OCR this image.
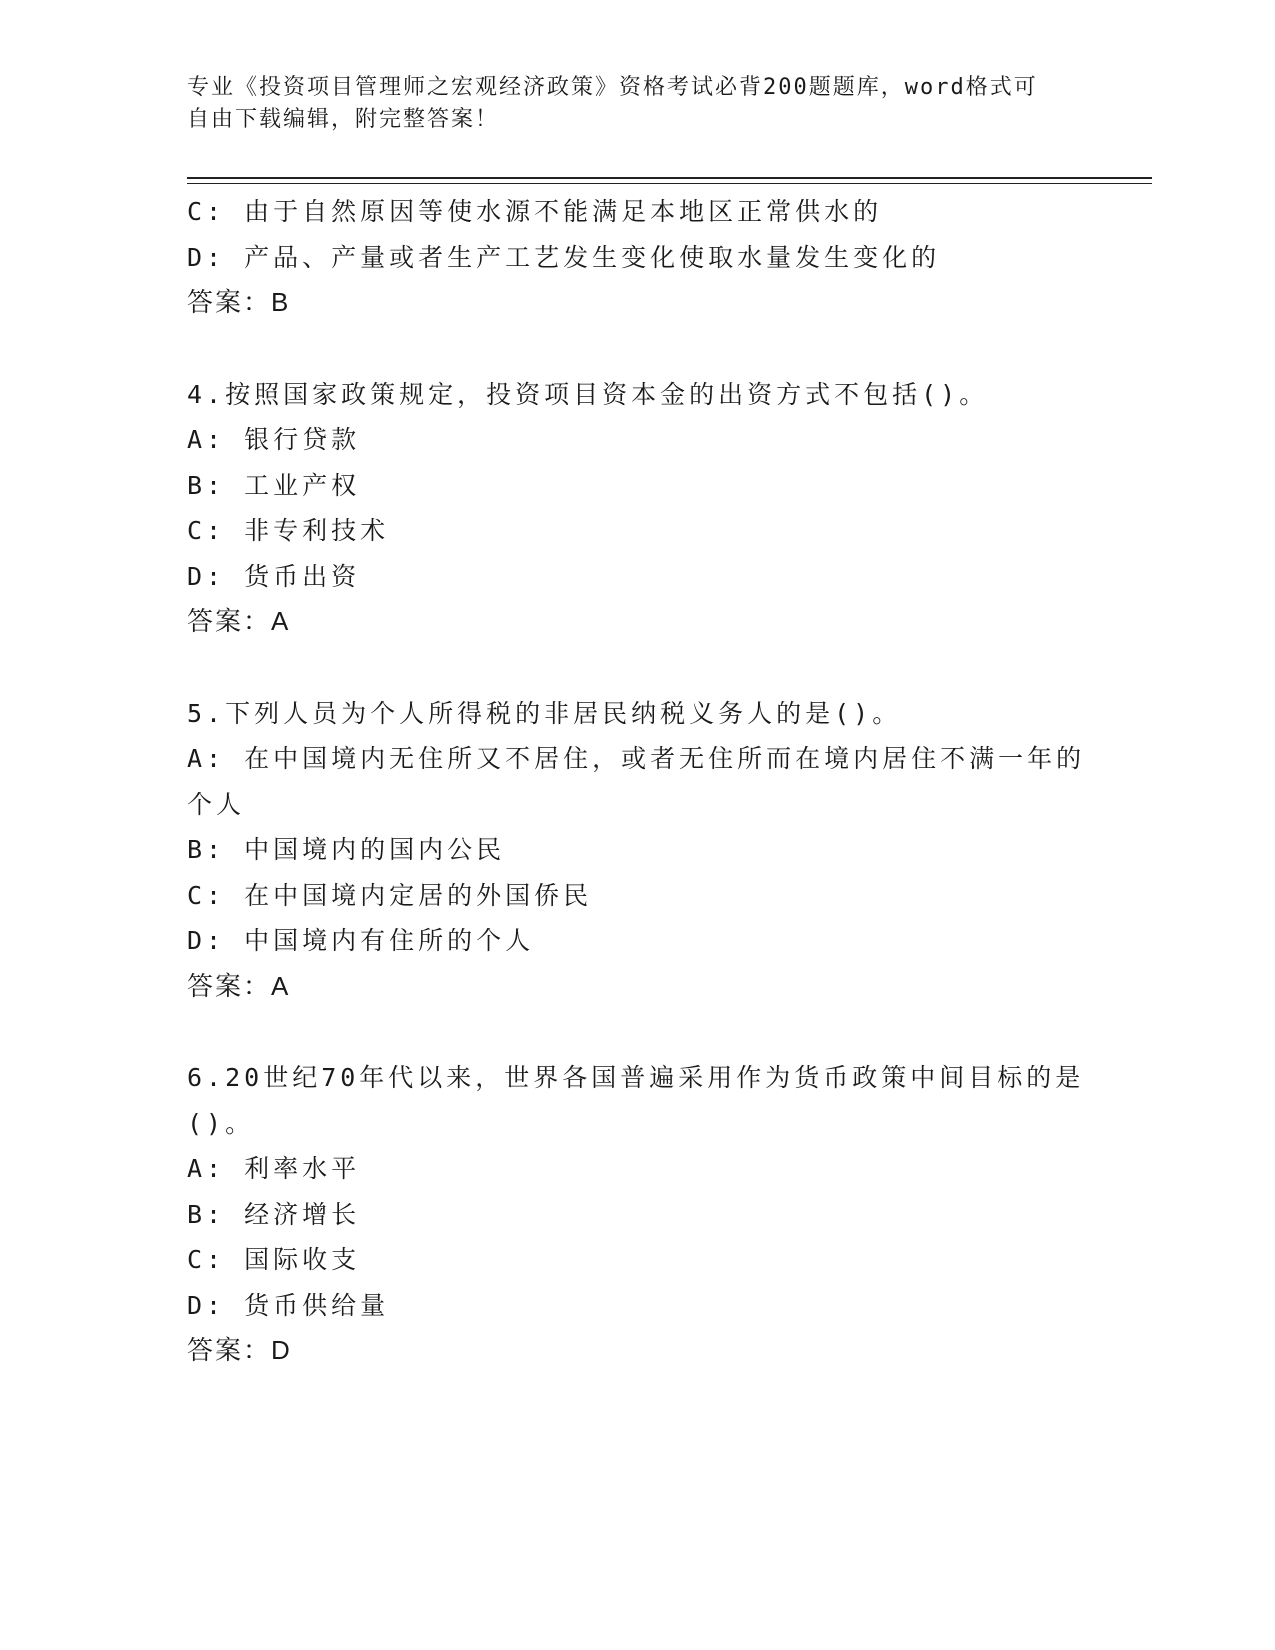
专业《投资项目管理师之宏观经济政策》资格考试必背200题题库，word格式可
自由下载编辑，附完整答案！
C: 由于自然原因等使水源不能满足本地区正常供水的
D: 产品、产量或者生产工艺发生变化使取水量发生变化的
答案：B
4.按照国家政策规定，投资项目资本金的出资方式不包括()。
A: 银行贷款
B: 工业产权
C: 非专利技术
D: 货币出资
答案：A
5.下列人员为个人所得税的非居民纳税义务人的是()。
A: 在中国境内无住所又不居住，或者无住所而在境内居住不满一年的
个人
B: 中国境内的国内公民
C: 在中国境内定居的外国侨民
D: 中国境内有住所的个人
答案：A
6.20世纪70年代以来，世界各国普遍采用作为货币政策中间目标的是
()。
A: 利率水平
B: 经济增长
C: 国际收支
D: 货币供给量
答案：D
